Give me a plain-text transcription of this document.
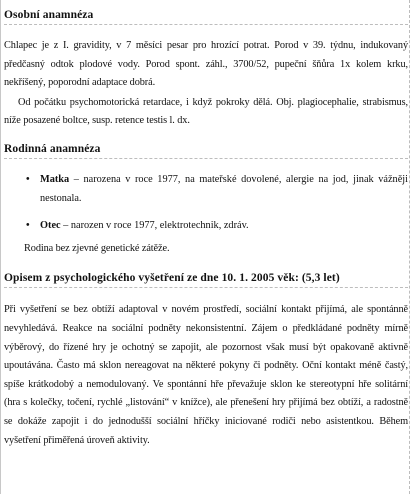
Osobní anamnéza

Chlapec je z I. gravidity, v 7 měsíci pesar pro hrozící potrat. Porod v 39. týdnu, indukovaný předčasný odtok plodové vody. Porod spont. záhl., 3700/52, pupeční šňůra 1x kolem krku, nekříšený, poporodní adaptace dobrá.

Od počátku psychomotorická retardace, i když pokroky dělá. Obj. plagiocephalie, strabismus, níže posazené boltce, susp. retence testis l. dx.

Rodinná anamnéza
• Matka – narozena v roce 1977, na mateřské dovolené, alergie na jod, jinak vážněji nestonala.
• Otec – narozen v roce 1977, elektrotechnik, zdráv.

Rodina bez zjevné genetické zátěže.

Opisem z psychologického vyšetření ze dne 10. 1. 2005 věk: (5,3 let)

Při vyšetření se bez obtíží adaptoval v novém prostředí, sociální kontakt přijímá, ale spontánně nevyhledává. Reakce na sociální podněty nekonsistentní. Zájem o předkládané podněty mírně výběrový, do řízené hry je ochotný se zapojit, ale pozornost však musí být opakovaně aktivně upoutávána. Často má sklon nereagovat na některé pokyny či podněty. Oční kontakt méně častý, spíše krátkodobý a nemodulovaný. Ve spontánní hře převažuje sklon ke stereotypní hře solitární (hra s kolečky, točení, rychlé „listování“ v knížce), ale přenešení hry přijímá bez obtíží, a radostně se dokáže zapojit i do jednodušší sociální hříčky iniciované rodiči nebo asistentkou. Během vyšetření přiměřená úroveň aktivity.
